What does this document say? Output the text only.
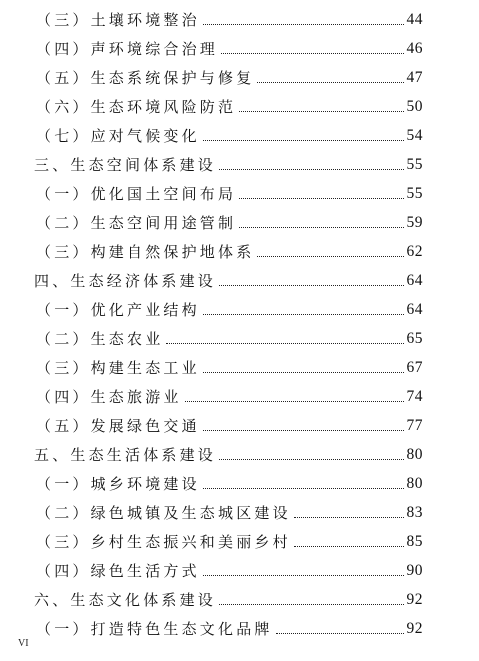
（三）土壤环境整治	44
（四）声环境综合治理	46
（五）生态系统保护与修复	47
（六）生态环境风险防范	50
（七）应对气候变化	54
三、生态空间体系建设	55
（一）优化国土空间布局	55
（二）生态空间用途管制	59
（三）构建自然保护地体系	62
四、生态经济体系建设	64
（一）优化产业结构	64
（二）生态农业	65
（三）构建生态工业	67
（四）生态旅游业	74
（五）发展绿色交通	77
五、生态生活体系建设	80
（一）城乡环境建设	80
（二）绿色城镇及生态城区建设	83
（三）乡村生态振兴和美丽乡村	85
（四）绿色生活方式	90
六、生态文化体系建设	92
（一）打造特色生态文化品牌	92
VI
